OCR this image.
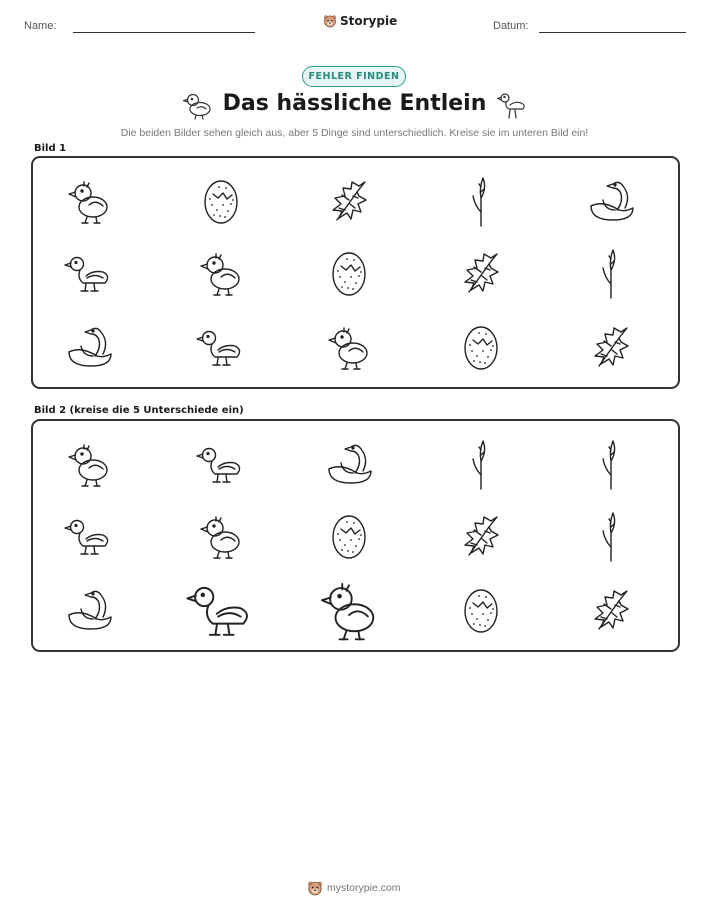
Name:	Storypie	Datum:
FEHLER FINDEN
Das hässliche Entlein
Die beiden Bilder sehen gleich aus, aber 5 Dinge sind unterschiedlich. Kreise sie im unteren Bild ein!
Bild 1
Bild 2 (kreise die 5 Unterschiede ein)
mystorypie.com
